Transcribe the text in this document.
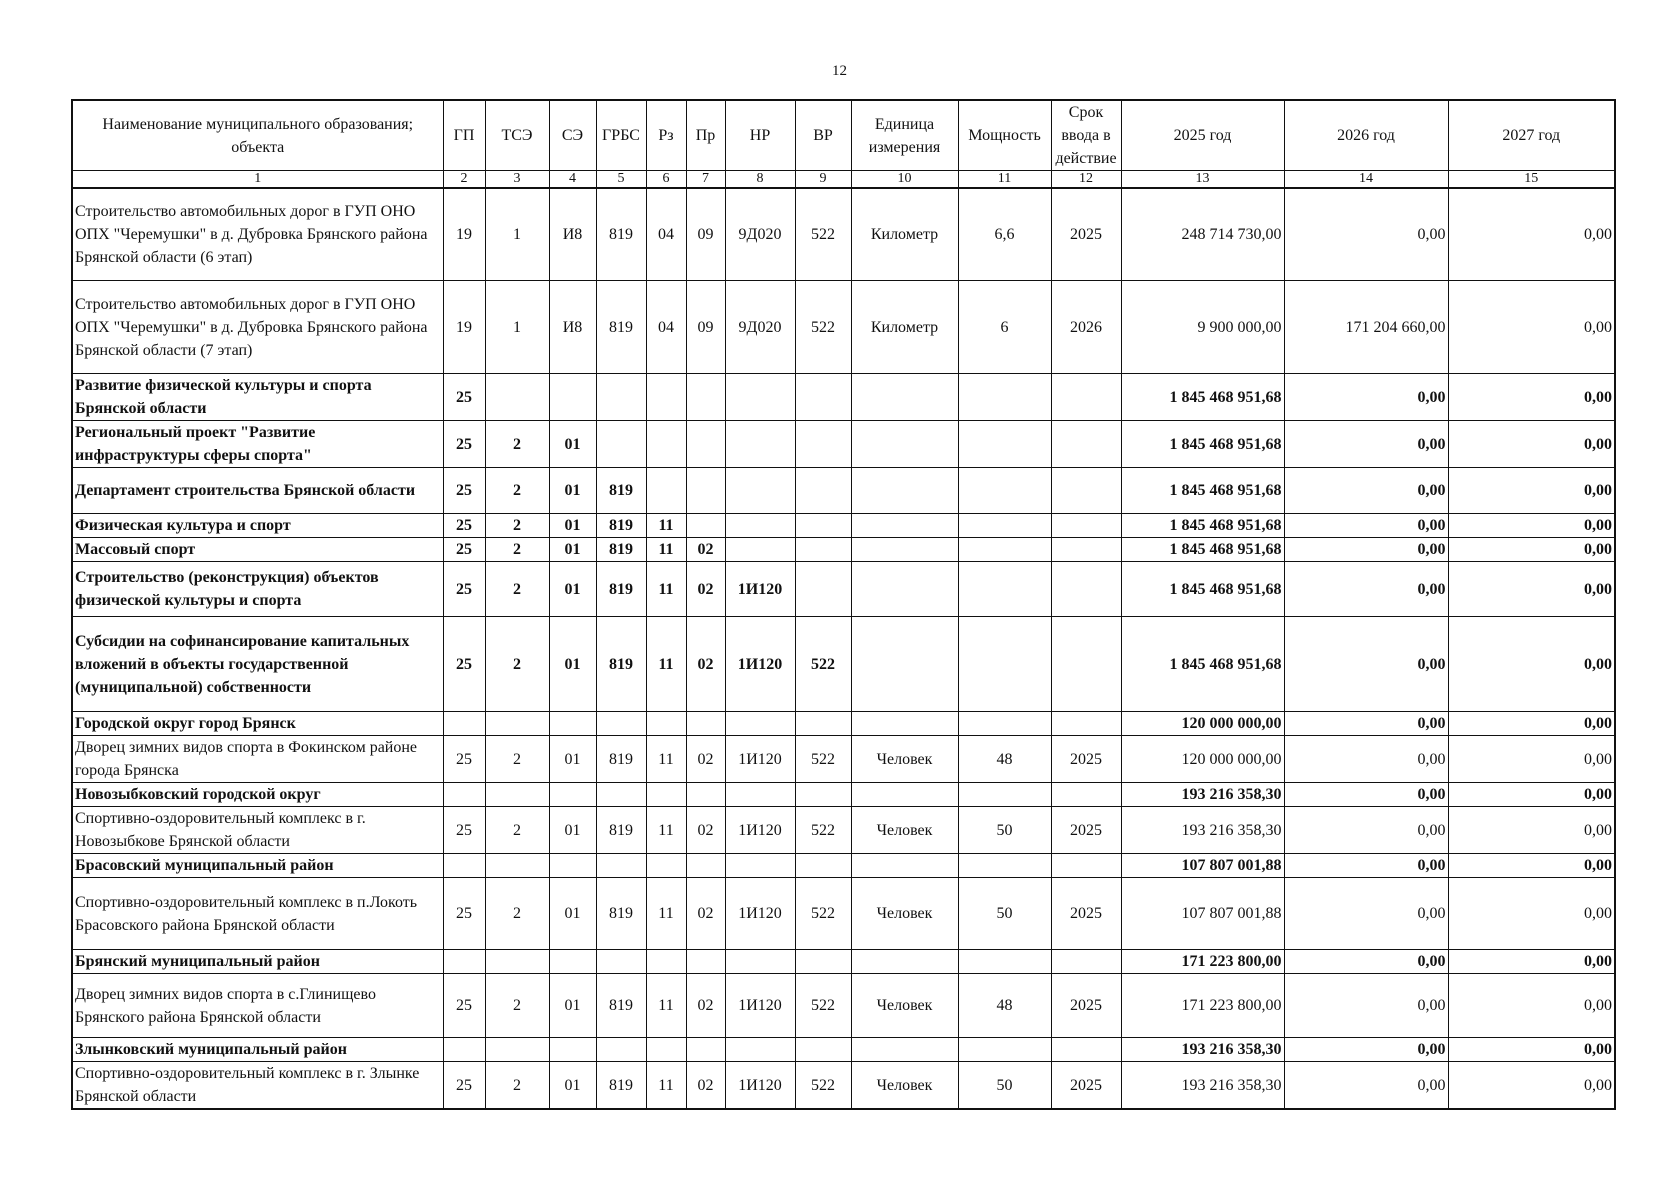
12
Наименование муниципального образования; объекта	ГП	ТСЭ	СЭ	ГРБС	Рз	Пр	НР	ВР	Единица измерения	Мощность	Срок ввода в действие	2025 год	2026 год	2027 год
1	2	3	4	5	6	7	8	9	10	11	12	13	14	15
Строительство автомобильных дорог в ГУП ОНО ОПХ "Черемушки" в д. Дубровка Брянского района Брянской области (6 этап)	19	1	И8	819	04	09	9Д020	522	Километр	6,6	2025	248 714 730,00	0,00	0,00
Строительство автомобильных дорог в ГУП ОНО ОПХ "Черемушки" в д. Дубровка Брянского района Брянской области (7 этап)	19	1	И8	819	04	09	9Д020	522	Километр	6	2026	9 900 000,00	171 204 660,00	0,00
Развитие физической культуры и спорта Брянской области	25											1 845 468 951,68	0,00	0,00
Региональный проект "Развитие инфраструктуры сферы спорта"	25	2	01									1 845 468 951,68	0,00	0,00
Департамент строительства Брянской области	25	2	01	819								1 845 468 951,68	0,00	0,00
Физическая культура и спорт	25	2	01	819	11							1 845 468 951,68	0,00	0,00
Массовый спорт	25	2	01	819	11	02						1 845 468 951,68	0,00	0,00
Строительство (реконструкция) объектов физической культуры и спорта	25	2	01	819	11	02	1И120					1 845 468 951,68	0,00	0,00
Субсидии на софинансирование капитальных вложений в объекты государственной (муниципальной) собственности	25	2	01	819	11	02	1И120	522				1 845 468 951,68	0,00	0,00
Городской округ город Брянск												120 000 000,00	0,00	0,00
Дворец зимних видов спорта в Фокинском районе города Брянска	25	2	01	819	11	02	1И120	522	Человек	48	2025	120 000 000,00	0,00	0,00
Новозыбковский городской округ												193 216 358,30	0,00	0,00
Спортивно-оздоровительный комплекс в г. Новозыбкове Брянской области	25	2	01	819	11	02	1И120	522	Человек	50	2025	193 216 358,30	0,00	0,00
Брасовский муниципальный район												107 807 001,88	0,00	0,00
Спортивно-оздоровительный комплекс в п.Локоть Брасовского района Брянской области	25	2	01	819	11	02	1И120	522	Человек	50	2025	107 807 001,88	0,00	0,00
Брянский муниципальный район												171 223 800,00	0,00	0,00
Дворец зимних видов спорта в с.Глинищево Брянского района Брянской области	25	2	01	819	11	02	1И120	522	Человек	48	2025	171 223 800,00	0,00	0,00
Злынковский муниципальный район												193 216 358,30	0,00	0,00
Спортивно-оздоровительный комплекс в г. Злынке Брянской области	25	2	01	819	11	02	1И120	522	Человек	50	2025	193 216 358,30	0,00	0,00
